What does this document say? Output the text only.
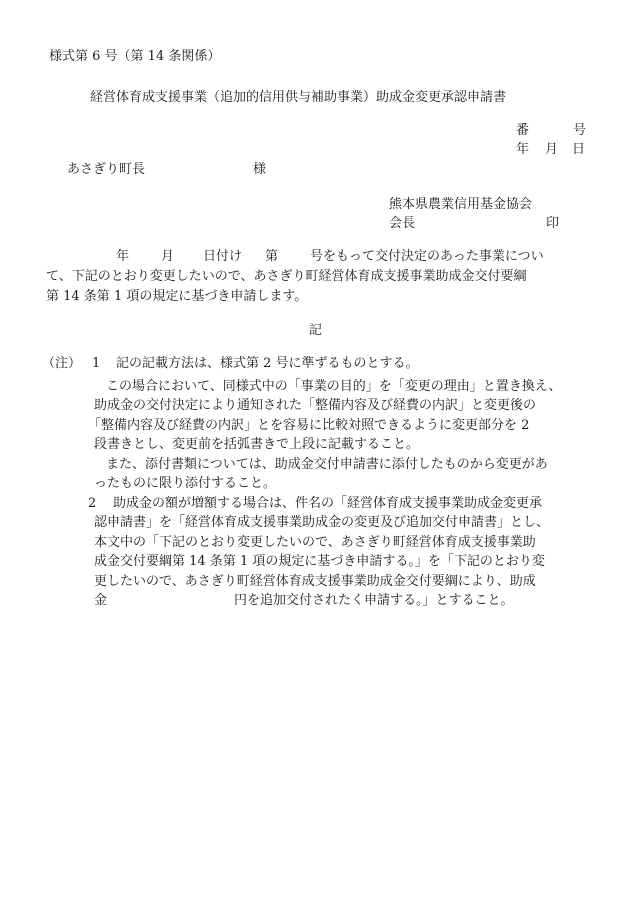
様式第 6 号（第 14 条関係）
経営体育成支援事業（追加的信用供与補助事業）助成金変更承認申請書
番	号
年 月 日
あさぎり町長	様
熊本県農業信用基金協会
会長	印
年 月 日付け 第 号をもって交付決定のあった事業につい
て、下記のとおり変更したいので、あさぎり町経営体育成支援事業助成金交付要綱
第 14 条第 1 項の規定に基づき申請します。
記
（注） 1 記の記載方法は、様式第 2 号に準ずるものとする。
この場合において、同様式中の「事業の目的」を「変更の理由」と置き換え、
助成金の交付決定により通知された「整備内容及び経費の内訳」と変更後の
「整備内容及び経費の内訳」とを容易に比較対照できるように変更部分を 2
段書きとし、変更前を括弧書きで上段に記載すること。
また、添付書類については、助成金交付申請書に添付したものから変更があ
ったものに限り添付すること。
2 助成金の額が増額する場合は、件名の「経営体育成支援事業助成金変更承
認申請書」を「経営体育成支援事業助成金の変更及び追加交付申請書」とし、
本文中の「下記のとおり変更したいので、あさぎり町経営体育成支援事業助
成金交付要綱第 14 条第 1 項の規定に基づき申請する。」を「下記のとおり変
更したいので、あさぎり町経営体育成支援事業助成金交付要綱により、助成
金	円を追加交付されたく申請する。」とすること。
